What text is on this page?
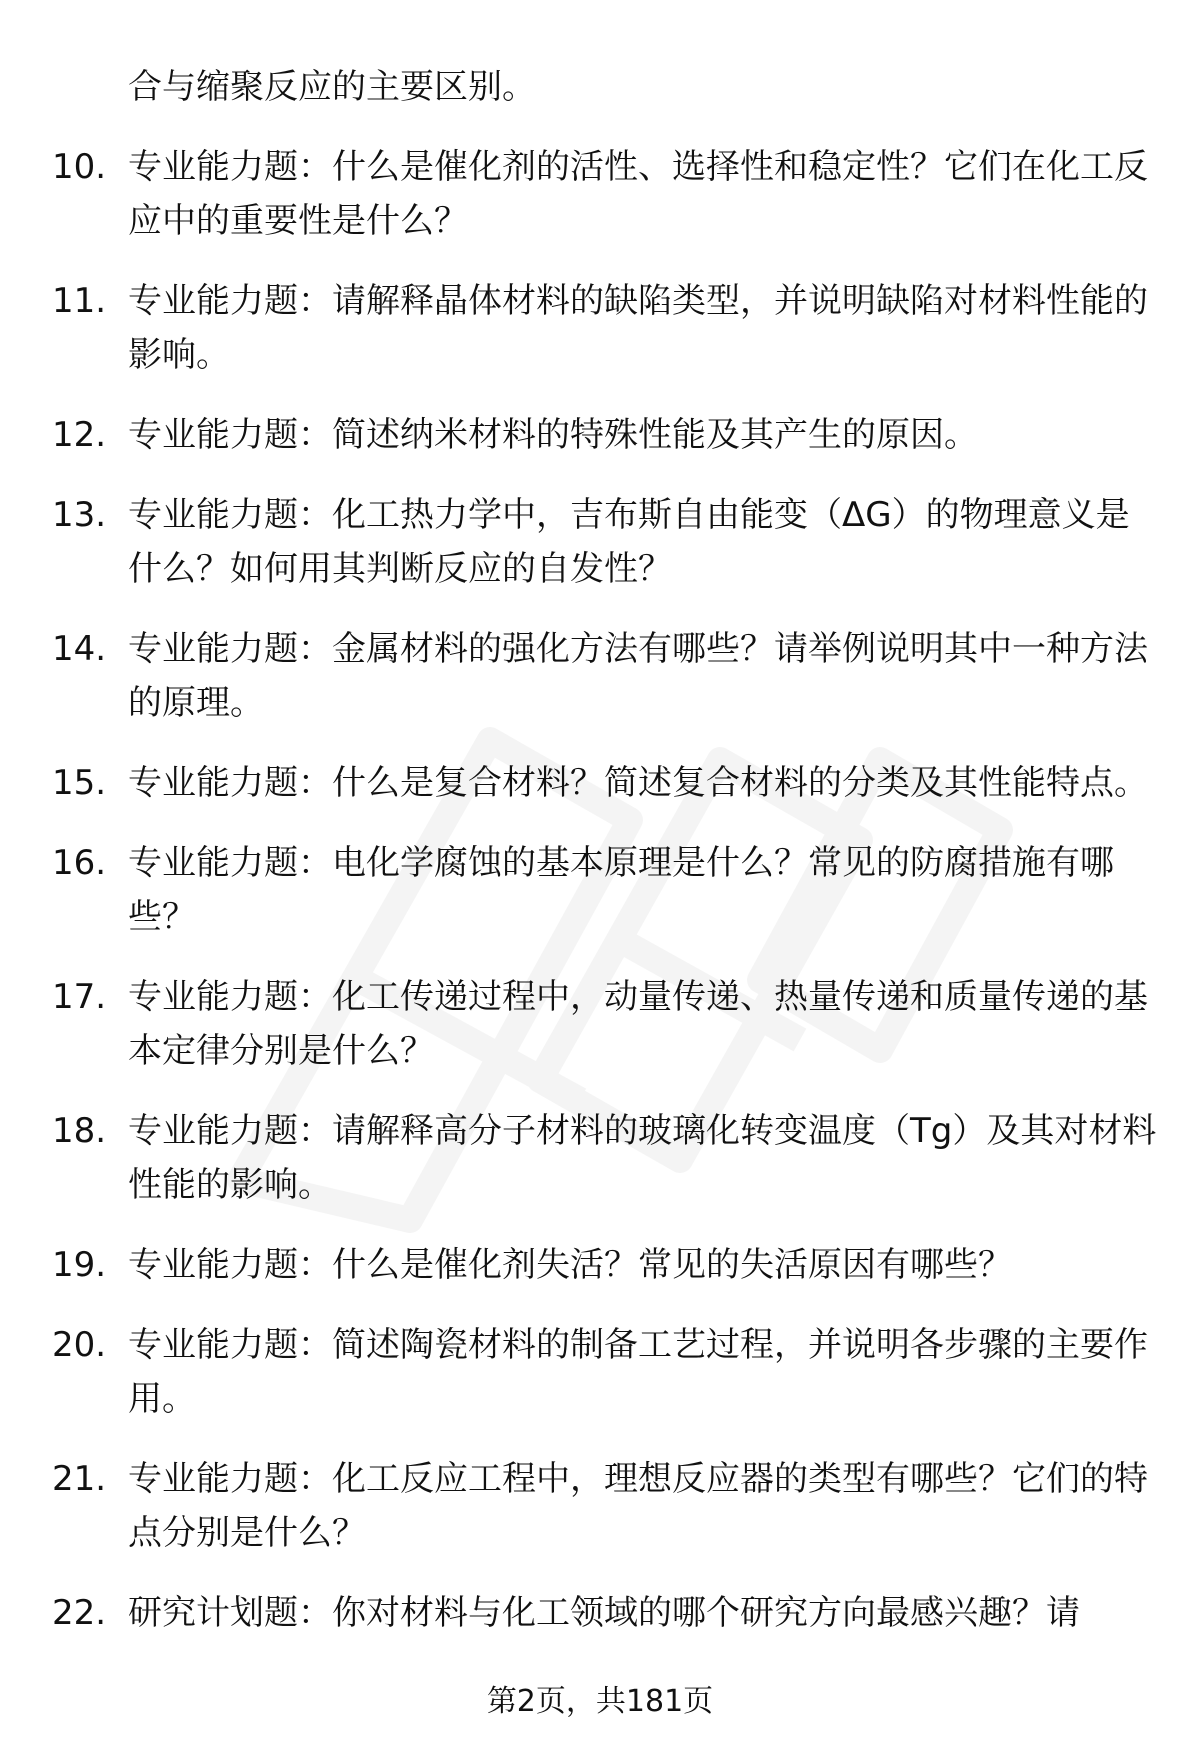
合与缩聚反应的主要区别。

10. 专业能力题：什么是催化剂的活性、选择性和稳定性？它们在化工反应中的重要性是什么？
11. 专业能力题：请解释晶体材料的缺陷类型，并说明缺陷对材料性能的影响。
12. 专业能力题：简述纳米材料的特殊性能及其产生的原因。
13. 专业能力题：化工热力学中，吉布斯自由能变（ΔG）的物理意义是什么？如何用其判断反应的自发性？
14. 专业能力题：金属材料的强化方法有哪些？请举例说明其中一种方法的原理。
15. 专业能力题：什么是复合材料？简述复合材料的分类及其性能特点。
16. 专业能力题：电化学腐蚀的基本原理是什么？常见的防腐措施有哪些？
17. 专业能力题：化工传递过程中，动量传递、热量传递和质量传递的基本定律分别是什么？
18. 专业能力题：请解释高分子材料的玻璃化转变温度（Tg）及其对材料性能的影响。
19. 专业能力题：什么是催化剂失活？常见的失活原因有哪些？
20. 专业能力题：简述陶瓷材料的制备工艺过程，并说明各步骤的主要作用。
21. 专业能力题：化工反应工程中，理想反应器的类型有哪些？它们的特点分别是什么？
22. 研究计划题：你对材料与化工领域的哪个研究方向最感兴趣？请
第2页，共181页
